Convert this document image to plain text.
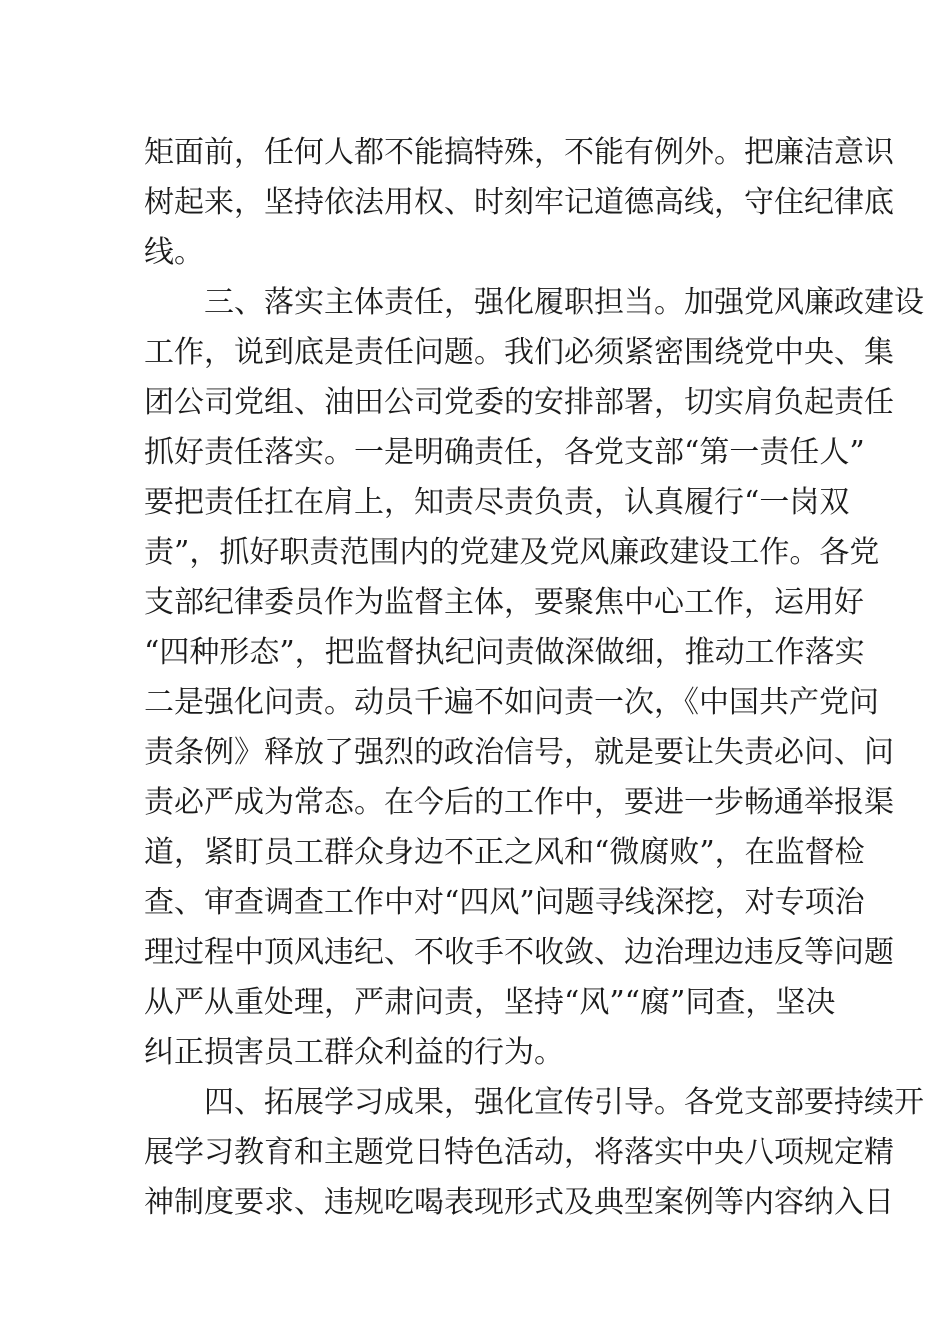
矩面前，任何人都不能搞特殊，不能有例外。把廉洁意识
树起来，坚持依法用权、时刻牢记道德高线，守住纪律底
线。
　　三、落实主体责任，强化履职担当。加强党风廉政建设
工作，说到底是责任问题。我们必须紧密围绕党中央、集
团公司党组、油田公司党委的安排部署，切实肩负起责任
抓好责任落实。一是明确责任，各党支部“第一责任人”
要把责任扛在肩上，知责尽责负责，认真履行“一岗双
责”，抓好职责范围内的党建及党风廉政建设工作。各党
支部纪律委员作为监督主体，要聚焦中心工作，运用好
“四种形态”，把监督执纪问责做深做细，推动工作落实
二是强化问责。动员千遍不如问责一次，《中国共产党问
责条例》释放了强烈的政治信号，就是要让失责必问、问
责必严成为常态。在今后的工作中，要进一步畅通举报渠
道，紧盯员工群众身边不正之风和“微腐败”，在监督检
查、审查调查工作中对“四风”问题寻线深挖，对专项治
理过程中顶风违纪、不收手不收敛、边治理边违反等问题
从严从重处理，严肃问责，坚持“风”“腐”同查，坚决
纠正损害员工群众利益的行为。
　　四、拓展学习成果，强化宣传引导。各党支部要持续开
展学习教育和主题党日特色活动，将落实中央八项规定精
神制度要求、违规吃喝表现形式及典型案例等内容纳入日
